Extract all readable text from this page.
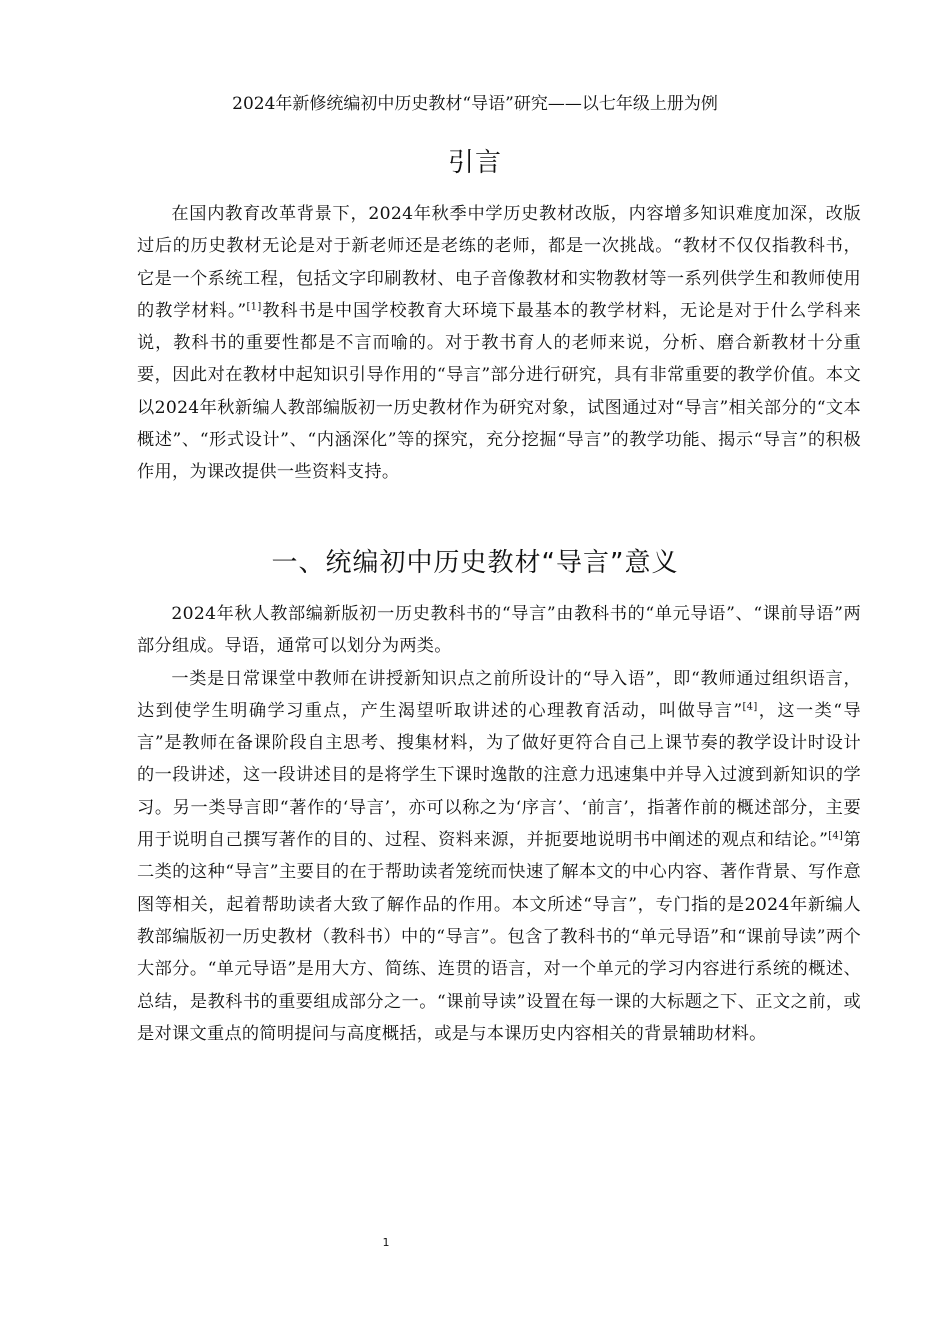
2024年新修统编初中历史教材“导语”研究——以七年级上册为例
引言

在国内教育改革背景下，2024年秋季中学历史教材改版，内容增多知识难度加深，改版过后的历史教材无论是对于新老师还是老练的老师，都是一次挑战。“教材不仅仅指教科书，它是一个系统工程，包括文字印刷教材、电子音像教材和实物教材等一系列供学生和教师使用的教学材料。”[1]教科书是中国学校教育大环境下最基本的教学材料，无论是对于什么学科来说，教科书的重要性都是不言而喻的。对于教书育人的老师来说，分析、磨合新教材十分重要，因此对在教材中起知识引导作用的“导言”部分进行研究，具有非常重要的教学价值。本文以2024年秋新编人教部编版初一历史教材作为研究对象，试图通过对“导言”相关部分的“文本概述”、“形式设计”、“内涵深化”等的探究，充分挖掘“导言”的教学功能、揭示“导言”的积极作用，为课改提供一些资料支持。

一、统编初中历史教材“导言”意义

2024年秋人教部编新版初一历史教科书的“导言”由教科书的“单元导语”、“课前导语”两部分组成。导语，通常可以划分为两类。

一类是日常课堂中教师在讲授新知识点之前所设计的“导入语”，即“教师通过组织语言，达到使学生明确学习重点，产生渴望听取讲述的心理教育活动，叫做导言”[4]，这一类“导言”是教师在备课阶段自主思考、搜集材料，为了做好更符合自己上课节奏的教学设计时设计的一段讲述，这一段讲述目的是将学生下课时逸散的注意力迅速集中并导入过渡到新知识的学习。另一类导言即“著作的‘导言’，亦可以称之为‘序言’、‘前言’，指著作前的概述部分，主要用于说明自己撰写著作的目的、过程、资料来源，并扼要地说明书中阐述的观点和结论。”[4]第二类的这种“导言”主要目的在于帮助读者笼统而快速了解本文的中心内容、著作背景、写作意图等相关，起着帮助读者大致了解作品的作用。本文所述“导言”，专门指的是2024年新编人教部编版初一历史教材（教科书）中的“导言”。包含了教科书的“单元导语”和“课前导读”两个大部分。“单元导语”是用大方、简练、连贯的语言，对一个单元的学习内容进行系统的概述、总结，是教科书的重要组成部分之一。“课前导读”设置在每一课的大标题之下、正文之前，或是对课文重点的简明提问与高度概括，或是与本课历史内容相关的背景辅助材料。

1
